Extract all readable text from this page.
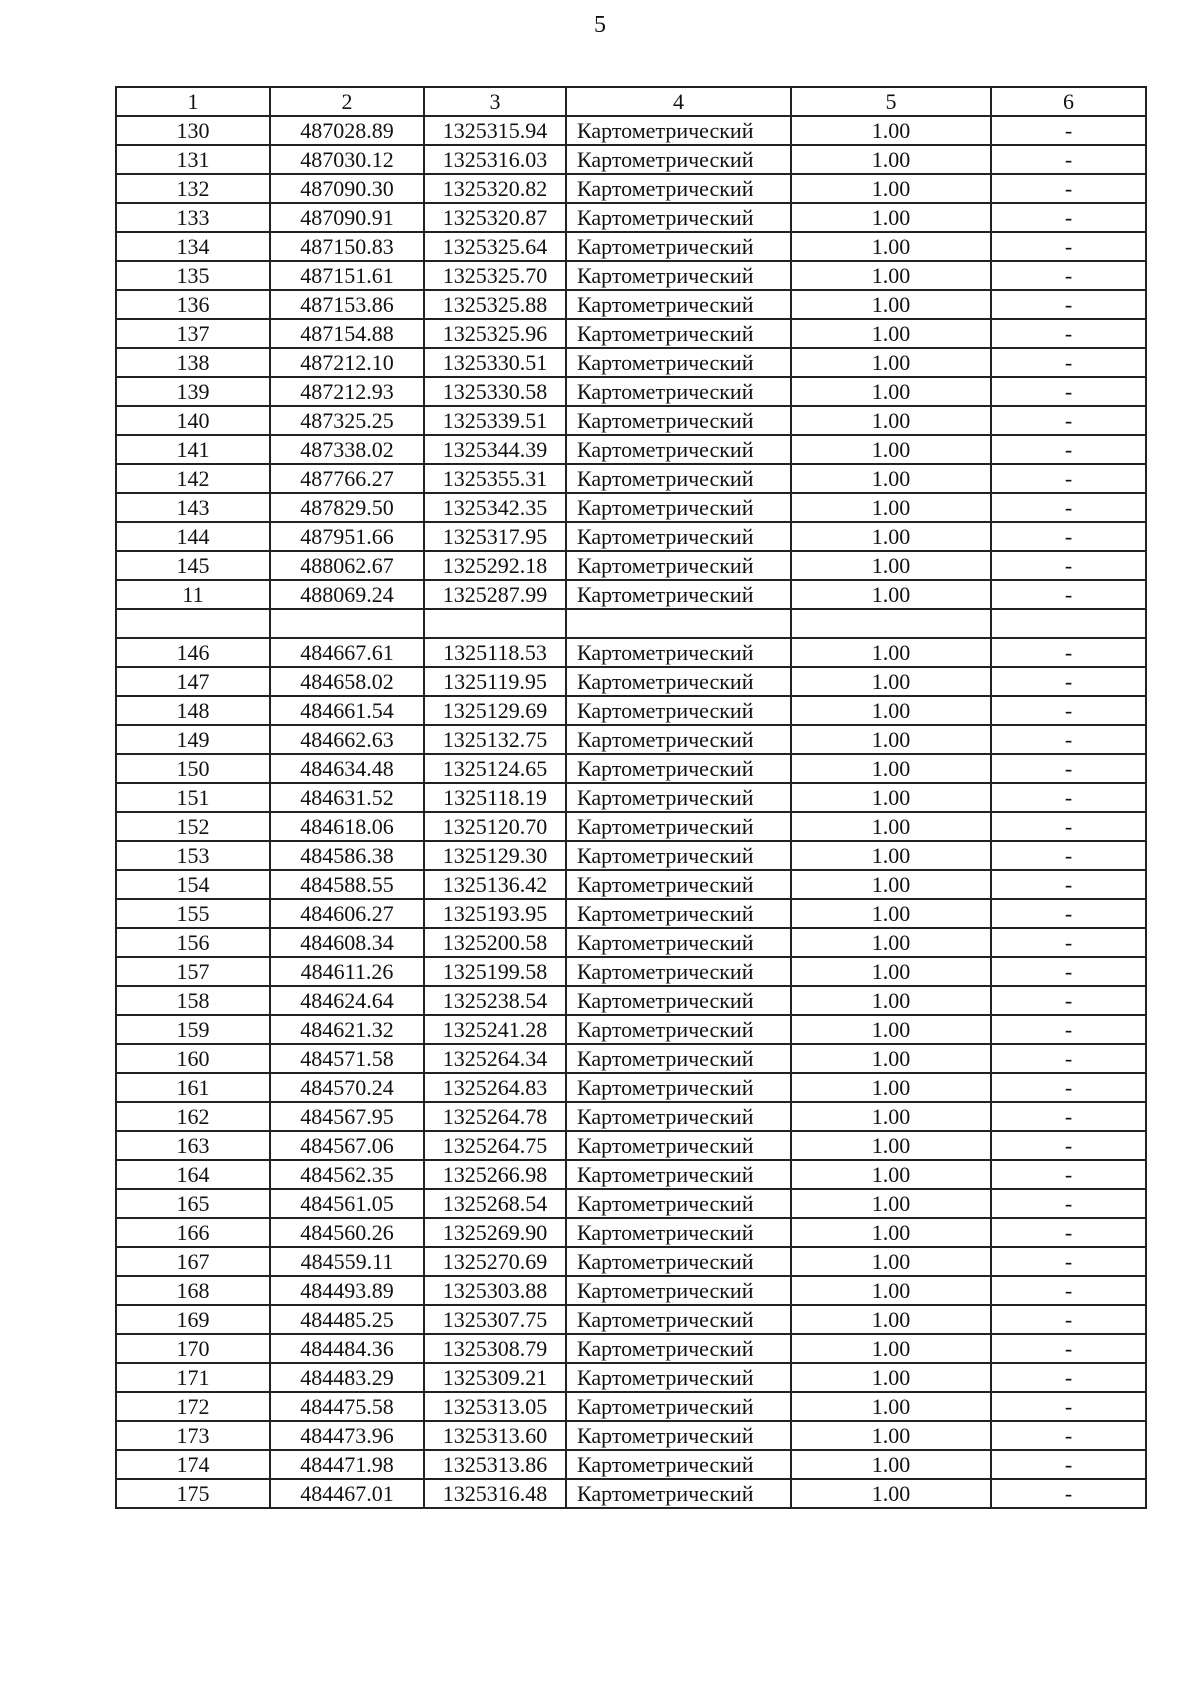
5
1	2	3	4	5	6
130	487028.89	1325315.94	Картометрический	1.00	-
131	487030.12	1325316.03	Картометрический	1.00	-
132	487090.30	1325320.82	Картометрический	1.00	-
133	487090.91	1325320.87	Картометрический	1.00	-
134	487150.83	1325325.64	Картометрический	1.00	-
135	487151.61	1325325.70	Картометрический	1.00	-
136	487153.86	1325325.88	Картометрический	1.00	-
137	487154.88	1325325.96	Картометрический	1.00	-
138	487212.10	1325330.51	Картометрический	1.00	-
139	487212.93	1325330.58	Картометрический	1.00	-
140	487325.25	1325339.51	Картометрический	1.00	-
141	487338.02	1325344.39	Картометрический	1.00	-
142	487766.27	1325355.31	Картометрический	1.00	-
143	487829.50	1325342.35	Картометрический	1.00	-
144	487951.66	1325317.95	Картометрический	1.00	-
145	488062.67	1325292.18	Картометрический	1.00	-
11	488069.24	1325287.99	Картометрический	1.00	-

146	484667.61	1325118.53	Картометрический	1.00	-
147	484658.02	1325119.95	Картометрический	1.00	-
148	484661.54	1325129.69	Картометрический	1.00	-
149	484662.63	1325132.75	Картометрический	1.00	-
150	484634.48	1325124.65	Картометрический	1.00	-
151	484631.52	1325118.19	Картометрический	1.00	-
152	484618.06	1325120.70	Картометрический	1.00	-
153	484586.38	1325129.30	Картометрический	1.00	-
154	484588.55	1325136.42	Картометрический	1.00	-
155	484606.27	1325193.95	Картометрический	1.00	-
156	484608.34	1325200.58	Картометрический	1.00	-
157	484611.26	1325199.58	Картометрический	1.00	-
158	484624.64	1325238.54	Картометрический	1.00	-
159	484621.32	1325241.28	Картометрический	1.00	-
160	484571.58	1325264.34	Картометрический	1.00	-
161	484570.24	1325264.83	Картометрический	1.00	-
162	484567.95	1325264.78	Картометрический	1.00	-
163	484567.06	1325264.75	Картометрический	1.00	-
164	484562.35	1325266.98	Картометрический	1.00	-
165	484561.05	1325268.54	Картометрический	1.00	-
166	484560.26	1325269.90	Картометрический	1.00	-
167	484559.11	1325270.69	Картометрический	1.00	-
168	484493.89	1325303.88	Картометрический	1.00	-
169	484485.25	1325307.75	Картометрический	1.00	-
170	484484.36	1325308.79	Картометрический	1.00	-
171	484483.29	1325309.21	Картометрический	1.00	-
172	484475.58	1325313.05	Картометрический	1.00	-
173	484473.96	1325313.60	Картометрический	1.00	-
174	484471.98	1325313.86	Картометрический	1.00	-
175	484467.01	1325316.48	Картометрический	1.00	-
